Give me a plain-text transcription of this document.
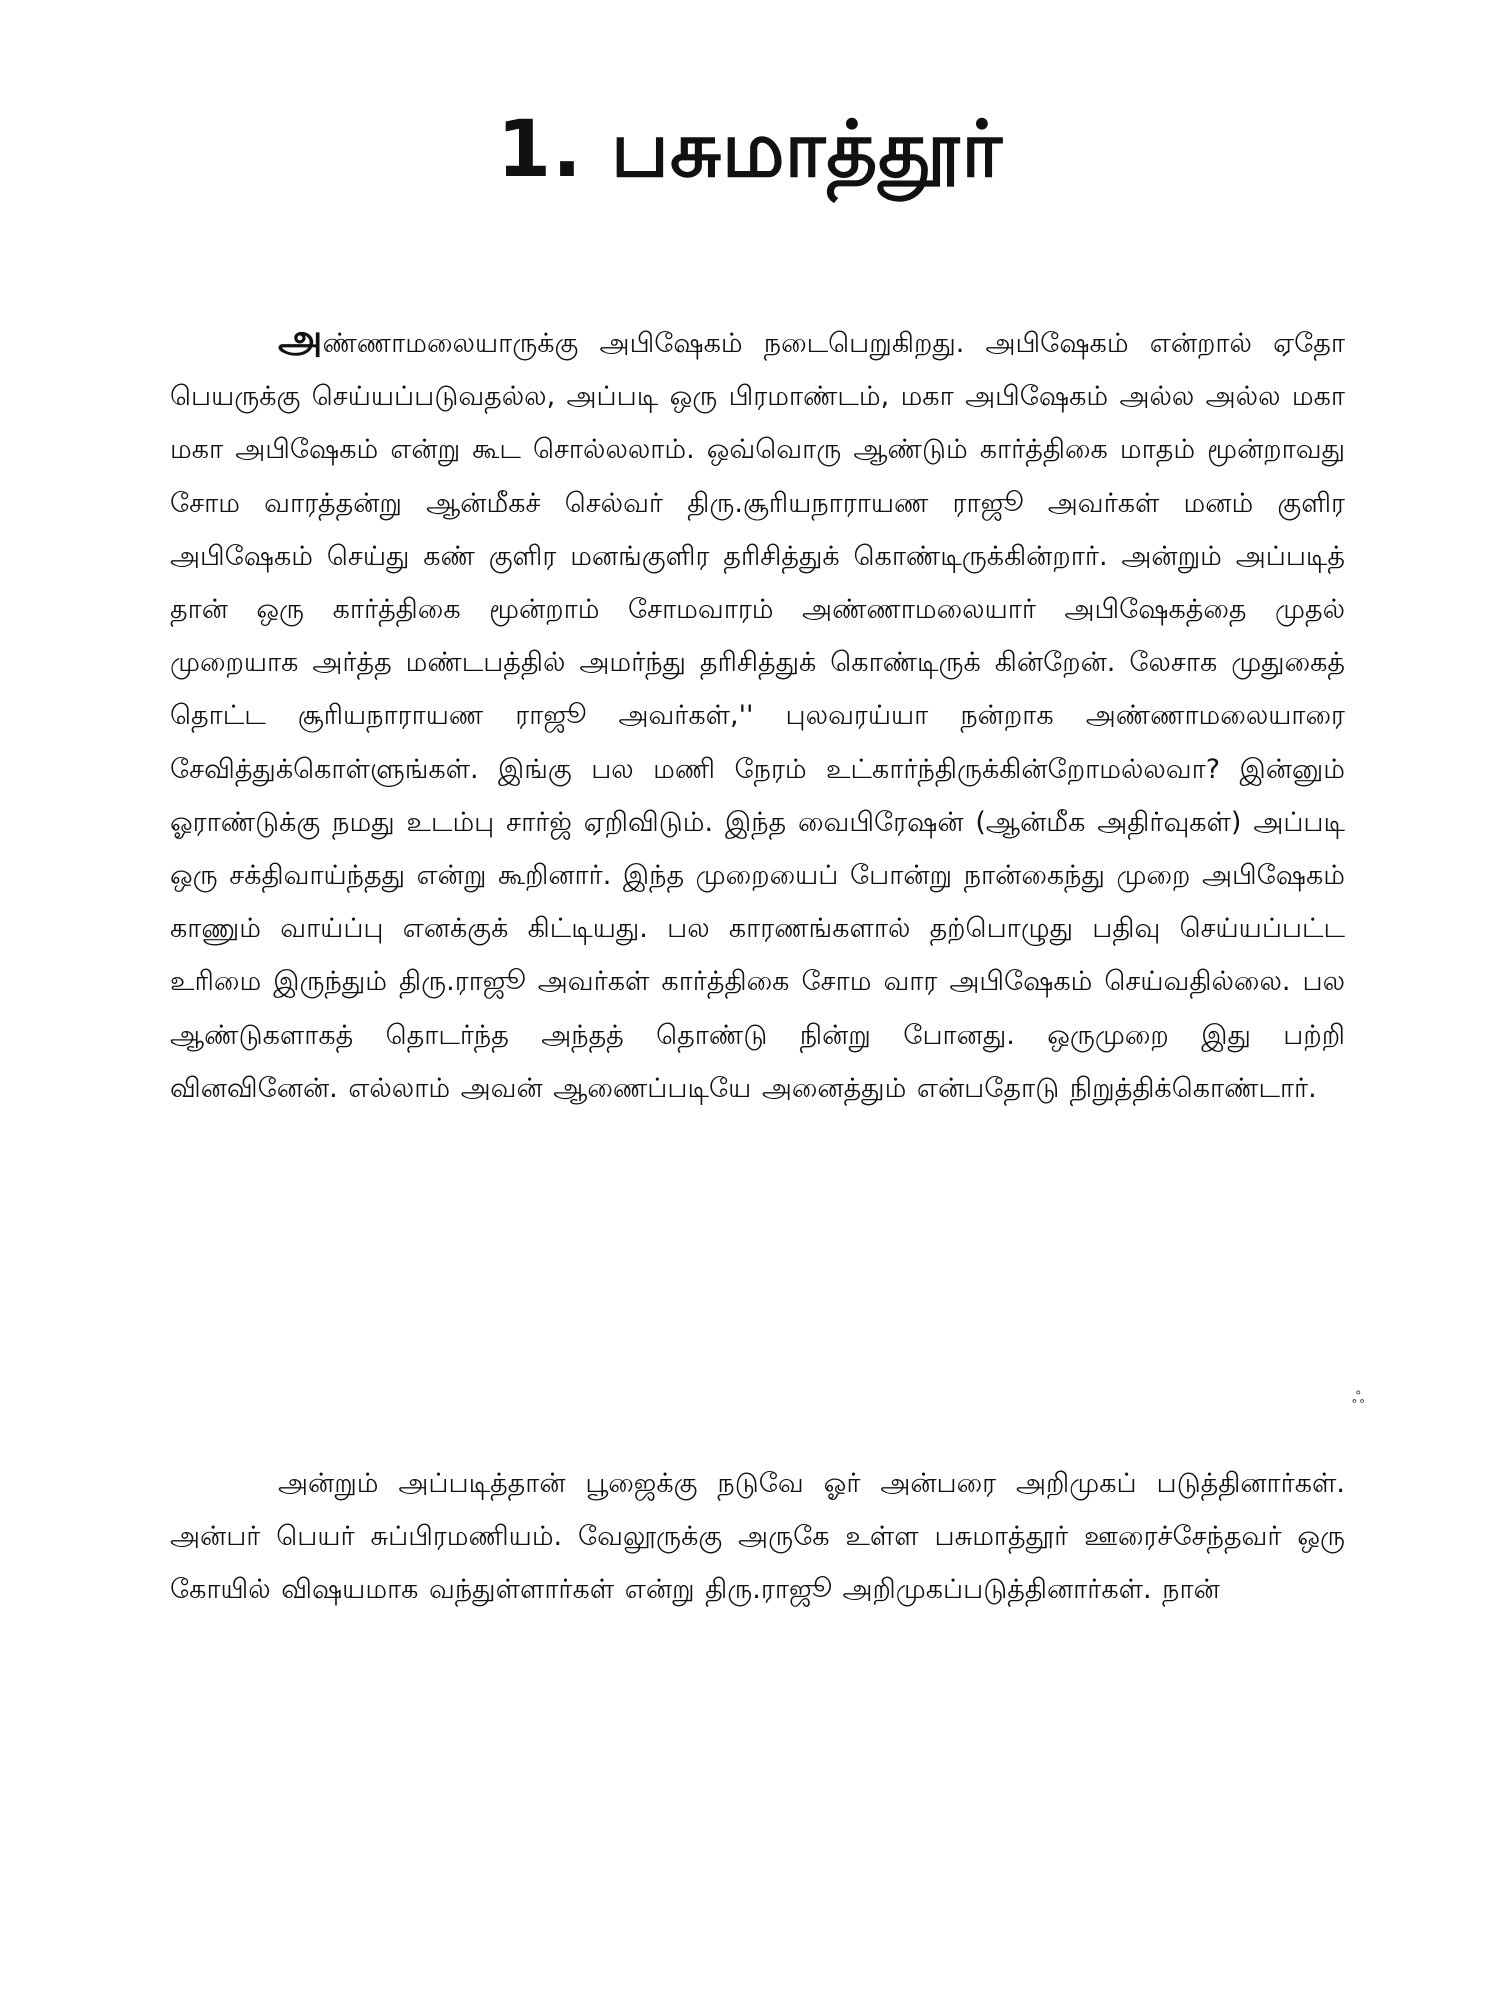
1. பசுமாத்தூர்

அண்ணாமலையாருக்கு அபிஷேகம் நடைபெறுகிறது. அபிஷேகம் என்றால் ஏதோ பெயருக்கு செய்யப்படுவதல்ல, அப்படி ஒரு பிரமாண்டம், மகா அபிஷேகம் அல்ல அல்ல மகா மகா அபிஷேகம் என்று கூட சொல்லலாம். ஒவ்வொரு ஆண்டும் கார்த்திகை மாதம் மூன்றாவது சோம வாரத்தன்று ஆன்மீகச் செல்வர் திரு.சூரியநாராயண ராஜூ அவர்கள் மனம் குளிர அபிஷேகம் செய்து கண் குளிர மனங்குளிர தரிசித்துக் கொண்டிருக்கின்றார். அன்றும் அப்படித் தான் ஒரு கார்த்திகை மூன்றாம் சோமவாரம் அண்ணாமலையார் அபிஷேகத்தை முதல் முறையாக அர்த்த மண்டபத்தில் அமர்ந்து தரிசித்துக் கொண்டிருக் கின்றேன். லேசாக முதுகைத் தொட்ட சூரியநாராயண ராஜூ அவர்கள்,'' புலவரய்யா நன்றாக அண்ணாமலையாரை சேவித்துக்கொள்ளுங்கள். இங்கு பல மணி நேரம் உட்கார்ந்திருக்கின்றோமல்லவா? இன்னும் ஓராண்டுக்கு நமது உடம்பு சார்ஜ் ஏறிவிடும். இந்த வைபிரேஷன் (ஆன்மீக அதிர்வுகள்) அப்படி ஒரு சக்திவாய்ந்தது என்று கூறினார். இந்த முறையைப் போன்று நான்கைந்து முறை அபிஷேகம் காணும் வாய்ப்பு எனக்குக் கிட்டியது. பல காரணங்களால் தற்பொழுது பதிவு செய்யப்பட்ட உரிமை இருந்தும் திரு.ராஜூ அவர்கள் கார்த்திகை சோம வார அபிஷேகம் செய்வதில்லை. பல ஆண்டுகளாகத் தொடர்ந்த அந்தத் தொண்டு நின்று போனது. ஒருமுறை இது பற்றி வினவினேன். எல்லாம் அவன் ஆணைப்படியே அனைத்தும் என்பதோடு நிறுத்திக்கொண்டார்.

ஃ

அன்றும் அப்படித்தான் பூஜைக்கு நடுவே ஓர் அன்பரை அறிமுகப் படுத்தினார்கள். அன்பர் பெயர் சுப்பிரமணியம். வேலூருக்கு அருகே உள்ள பசுமாத்தூர் ஊரைச்சேந்தவர் ஒரு கோயில் விஷயமாக வந்துள்ளார்கள் என்று திரு.ராஜூ அறிமுகப்படுத்தினார்கள். நான்
